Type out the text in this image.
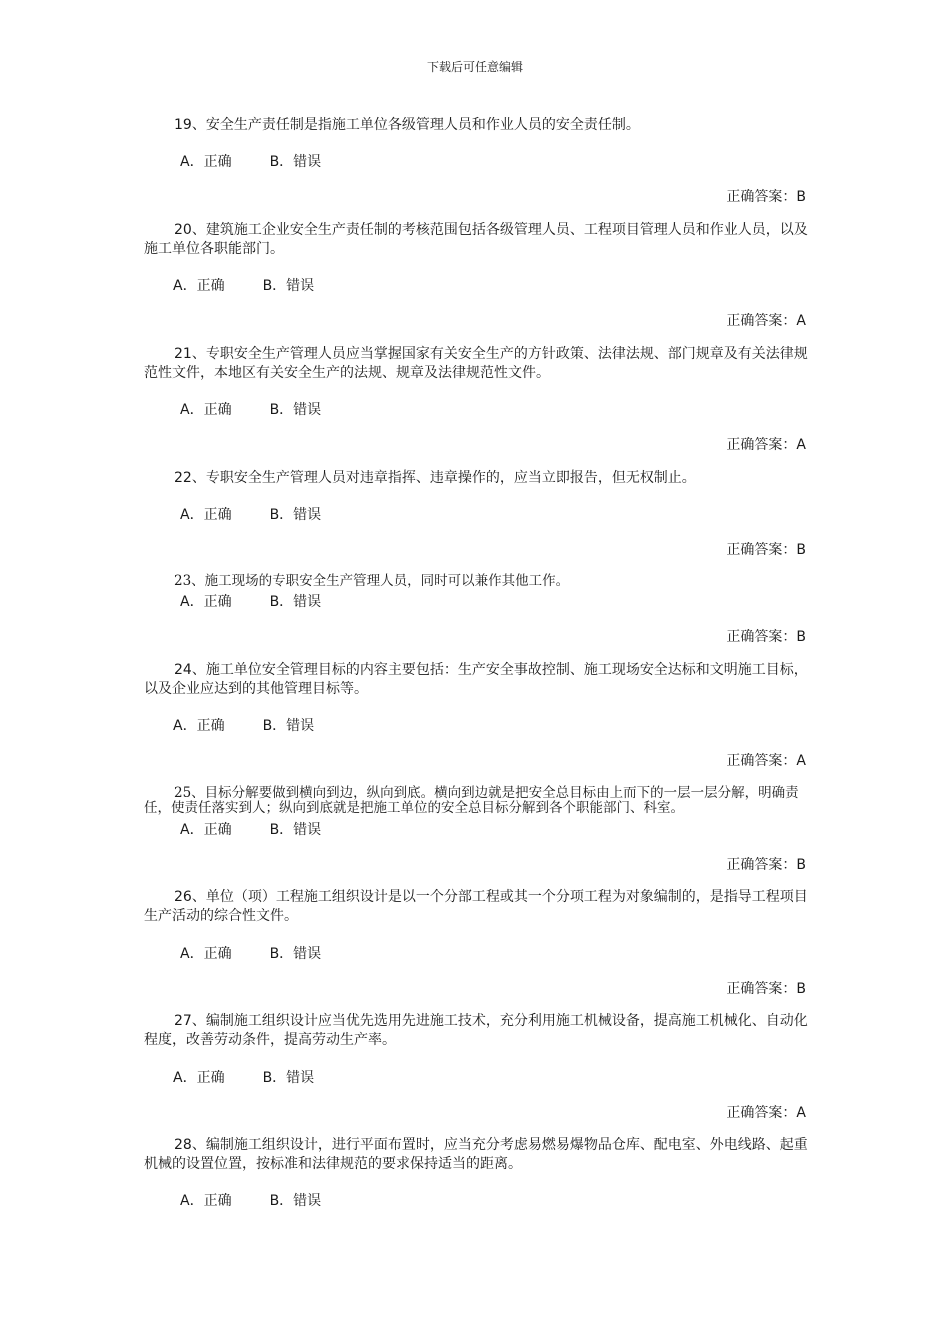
下载后可任意编辑
19、安全生产责任制是指施工单位各级管理人员和作业人员的安全责任制。
A．正确	B．错误
正确答案：B
20、建筑施工企业安全生产责任制的考核范围包括各级管理人员、工程项目管理人员和作业人员，以及施工单位各职能部门。
A．正确	B．错误
正确答案：A
21、专职安全生产管理人员应当掌握国家有关安全生产的方针政策、法律法规、部门规章及有关法律规范性文件，本地区有关安全生产的法规、规章及法律规范性文件。
A．正确	B．错误
正确答案：A
22、专职安全生产管理人员对违章指挥、违章操作的，应当立即报告，但无权制止。
A．正确	B．错误
正确答案：B
23、施工现场的专职安全生产管理人员，同时可以兼作其他工作。
A．正确	B．错误
正确答案：B
24、施工单位安全管理目标的内容主要包括：生产安全事故控制、施工现场安全达标和文明施工目标，以及企业应达到的其他管理目标等。
A．正确	B．错误
正确答案：A
25、目标分解要做到横向到边，纵向到底。横向到边就是把安全总目标由上而下的一层一层分解，明确责任，使责任落实到人；纵向到底就是把施工单位的安全总目标分解到各个职能部门、科室。
A．正确	B．错误
正确答案：B
26、单位（项）工程施工组织设计是以一个分部工程或其一个分项工程为对象编制的，是指导工程项目生产活动的综合性文件。
A．正确	B．错误
正确答案：B
27、编制施工组织设计应当优先选用先进施工技术，充分利用施工机械设备，提高施工机械化、自动化程度，改善劳动条件，提高劳动生产率。
A．正确	B．错误
正确答案：A
28、编制施工组织设计，进行平面布置时，应当充分考虑易燃易爆物品仓库、配电室、外电线路、起重机械的设置位置，按标准和法律规范的要求保持适当的距离。
A．正确	B．错误
